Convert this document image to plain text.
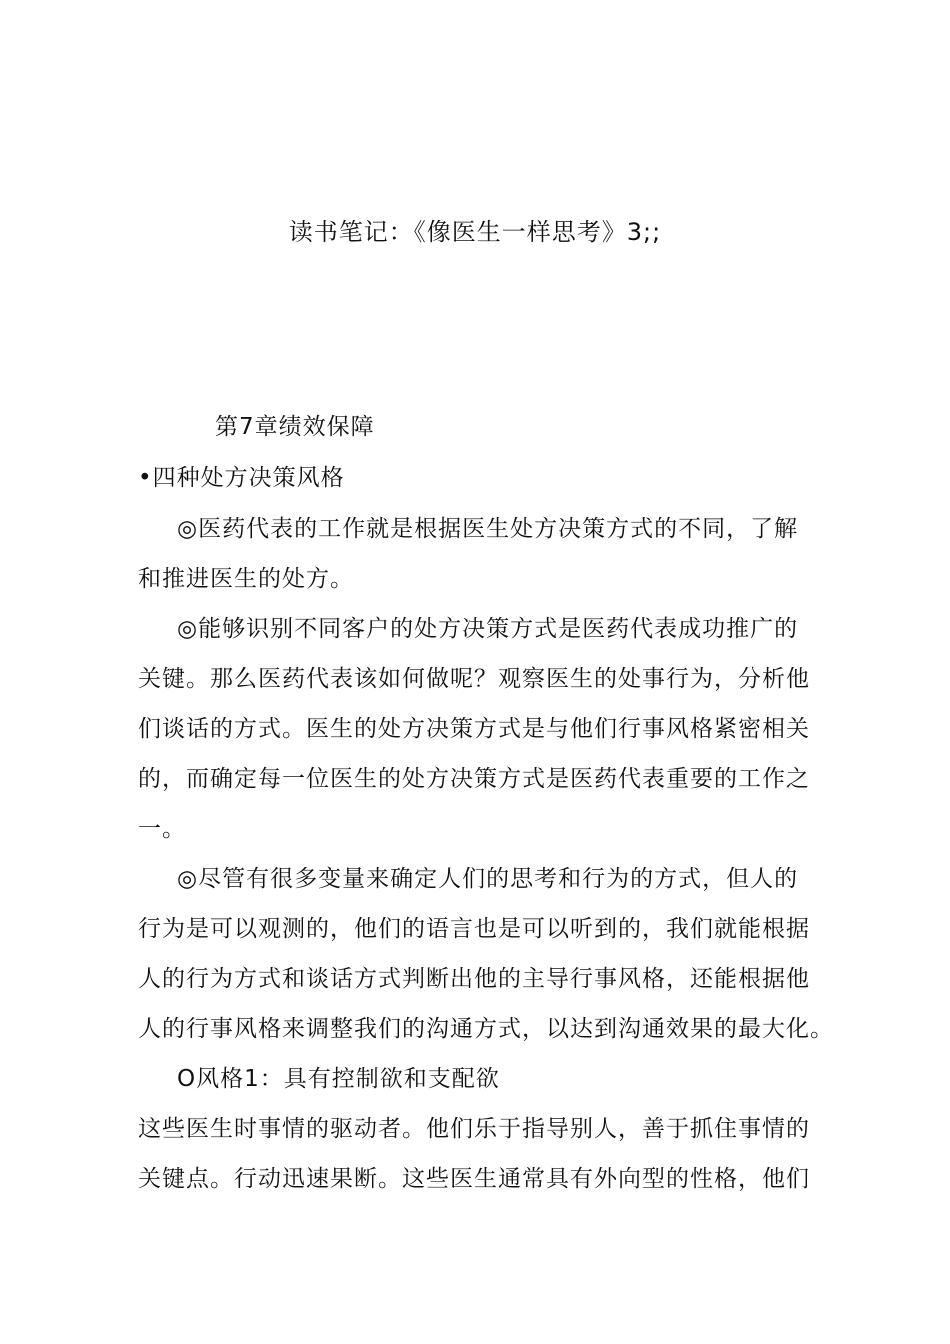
读书笔记：《像医生一样思考》3;;
第7章绩效保障
•四种处方决策风格
◎医药代表的工作就是根据医生处方决策方式的不同，了解
和推进医生的处方。
◎能够识别不同客户的处方决策方式是医药代表成功推广的
关键。那么医药代表该如何做呢？观察医生的处事行为，分析他
们谈话的方式。医生的处方决策方式是与他们行事风格紧密相关
的，而确定每一位医生的处方决策方式是医药代表重要的工作之
一。
◎尽管有很多变量来确定人们的思考和行为的方式，但人的
行为是可以观测的，他们的语言也是可以听到的，我们就能根据
人的行为方式和谈话方式判断出他的主导行事风格，还能根据他
人的行事风格来调整我们的沟通方式，以达到沟通效果的最大化。
O风格1：具有控制欲和支配欲
这些医生时事情的驱动者。他们乐于指导别人，善于抓住事情的
关键点。行动迅速果断。这些医生通常具有外向型的性格，他们
